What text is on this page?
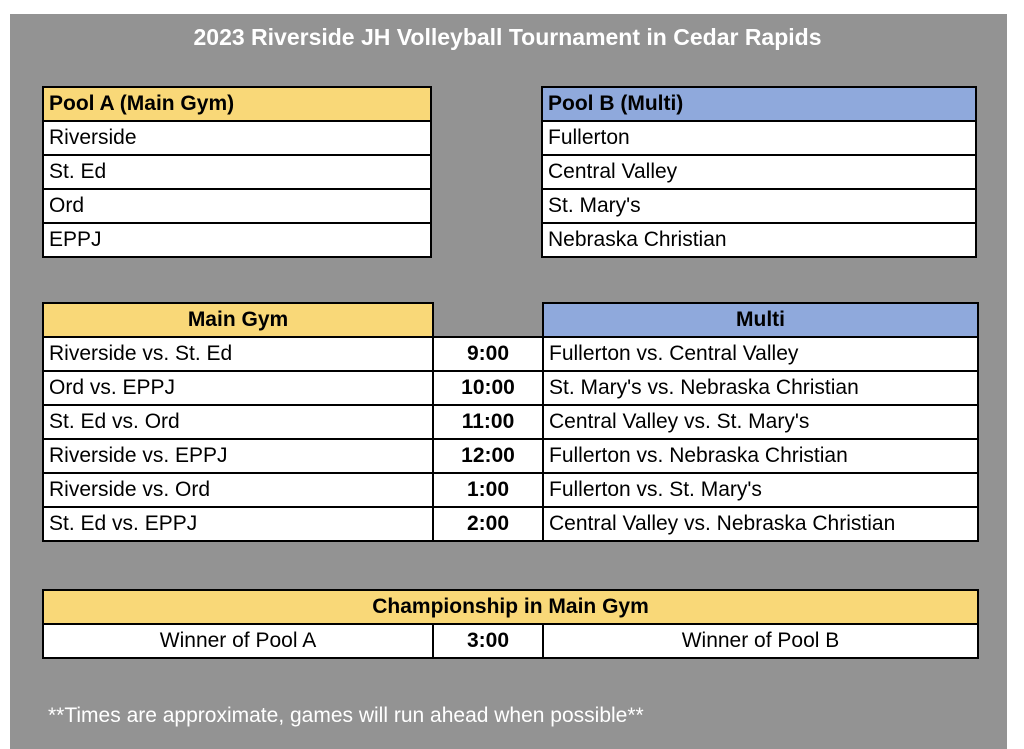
2023 Riverside JH Volleyball Tournament in Cedar Rapids
Pool A (Main Gym)
Riverside
St. Ed
Ord
EPPJ
Pool B (Multi)
Fullerton
Central Valley
St. Mary's
Nebraska Christian
Main Gym		Multi
Riverside vs. St. Ed	9:00	Fullerton vs. Central Valley
Ord vs. EPPJ	10:00	St. Mary's vs. Nebraska Christian
St. Ed vs. Ord	11:00	Central Valley vs. St. Mary's
Riverside vs. EPPJ	12:00	Fullerton vs. Nebraska Christian
Riverside vs. Ord	1:00	Fullerton vs. St. Mary's
St. Ed vs. EPPJ	2:00	Central Valley vs. Nebraska Christian
Championship in Main Gym
Winner of Pool A	3:00	Winner of Pool B
**Times are approximate, games will run ahead when possible**
